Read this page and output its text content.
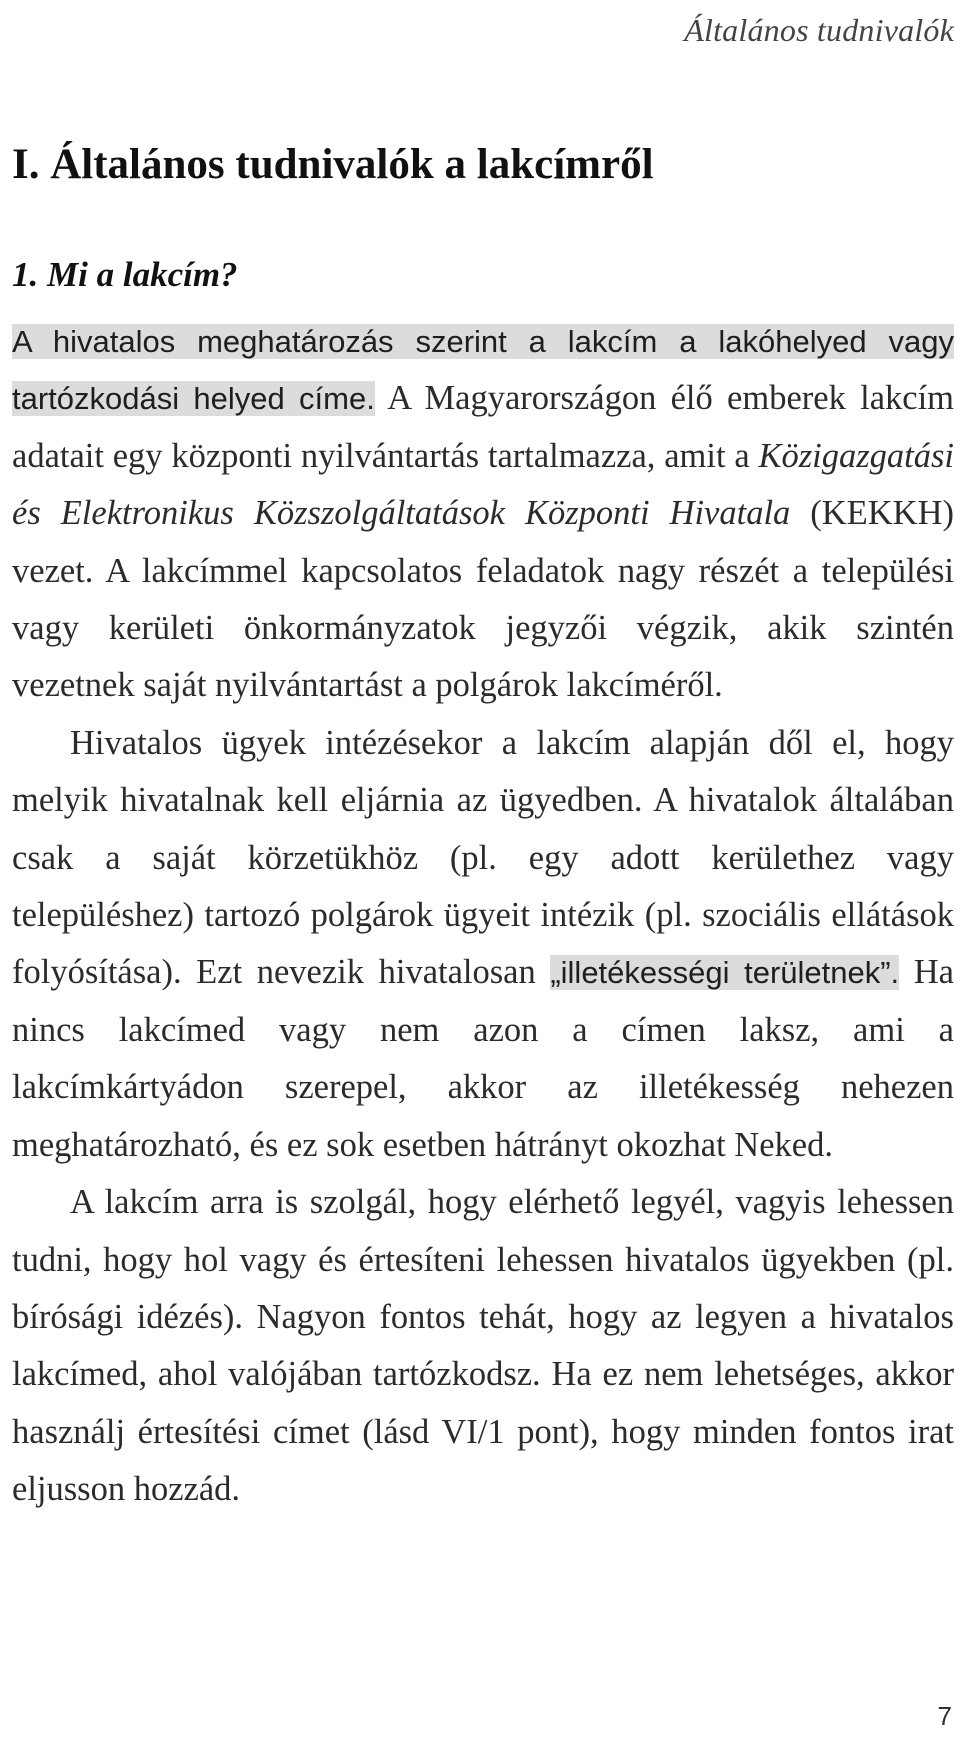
Általános tudnivalók
I. Általános tudnivalók a lakcímről
1. Mi a lakcím?

A hivatalos meghatározás szerint a lakcím a lakóhelyed vagy tartózkodási helyed címe. A Magyarországon élő emberek lakcím adatait egy központi nyilvántartás tartalmazza, amit a Közigazgatási és Elektronikus Közszolgáltatások Központi Hivatala (KEKKH) vezet. A lakcímmel kapcsolatos feladatok nagy részét a települési vagy kerületi önkormányzatok jegyzői végzik, akik szintén vezetnek saját nyilvántartást a polgárok lakcíméről.

Hivatalos ügyek intézésekor a lakcím alapján dől el, hogy melyik hivatalnak kell eljárnia az ügyedben. A hivatalok általában csak a saját körzetükhöz (pl. egy adott kerülethez vagy településhez) tartozó polgárok ügyeit intézik (pl. szociális ellátások folyósítása). Ezt nevezik hivatalosan „illetékességi területnek”. Ha nincs lakcímed vagy nem azon a címen laksz, ami a lakcímkártyádon szerepel, akkor az illetékesség nehezen meghatározható, és ez sok esetben hátrányt okozhat Neked.

A lakcím arra is szolgál, hogy elérhető legyél, vagyis lehessen tudni, hogy hol vagy és értesíteni lehessen hivatalos ügyekben (pl. bírósági idézés). Nagyon fontos tehát, hogy az legyen a hivatalos lakcímed, ahol valójában tartózkodsz. Ha ez nem lehetséges, akkor használj értesítési címet (lásd VI/1 pont), hogy minden fontos irat eljusson hozzád.

7
